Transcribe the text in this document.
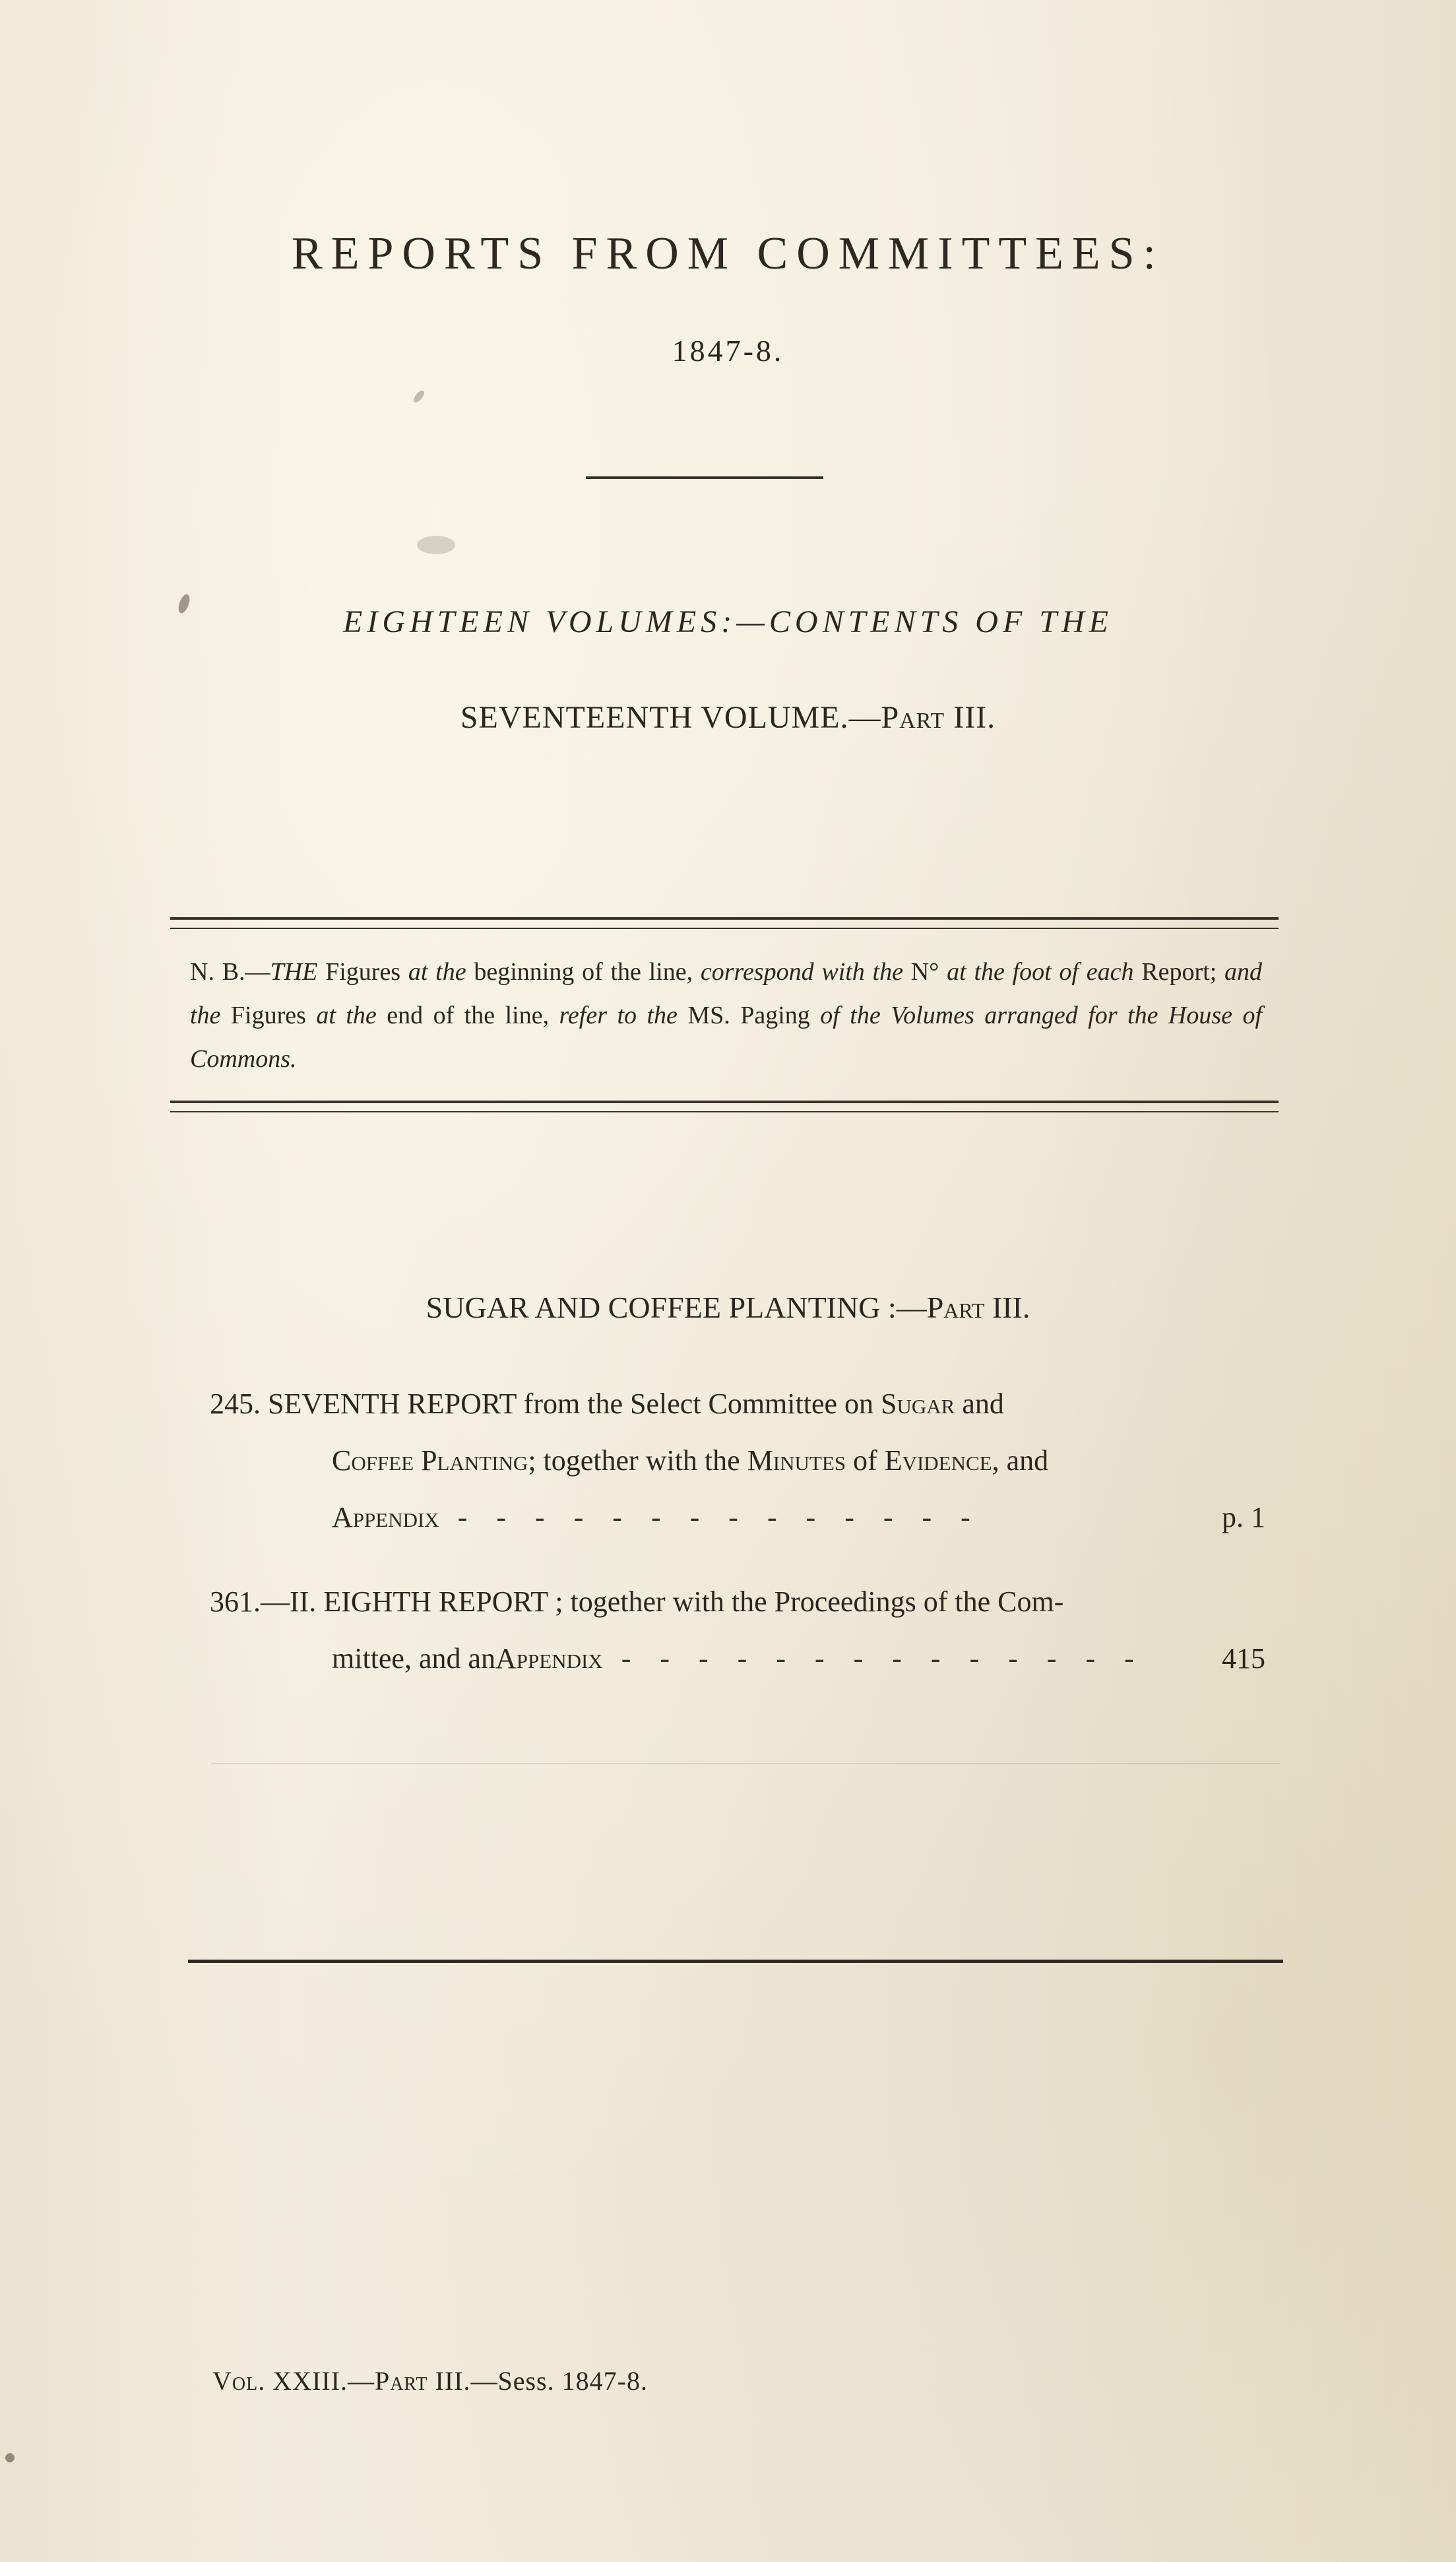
REPORTS FROM COMMITTEES:
1847-8.
EIGHTEEN VOLUMES:—CONTENTS OF THE
SEVENTEENTH VOLUME.—Part III.
N. B.—THE Figures at the beginning of the line, correspond with the N° at the foot of each Report; and the Figures at the end of the line, refer to the MS. Paging of the Volumes arranged for the House of Commons.
SUGAR AND COFFEE PLANTING :—Part III.
245. SEVENTH REPORT from the Select Committee on Sugar and
Coffee Planting; together with the Minutes of Evidence, and
Appendix --------------	p. 1
361.—II. EIGHTH REPORT ; together with the Proceedings of the Com-
mittee, and an Appendix --------------	415
Vol. XXIII.—Part III.—Sess. 1847-8.
